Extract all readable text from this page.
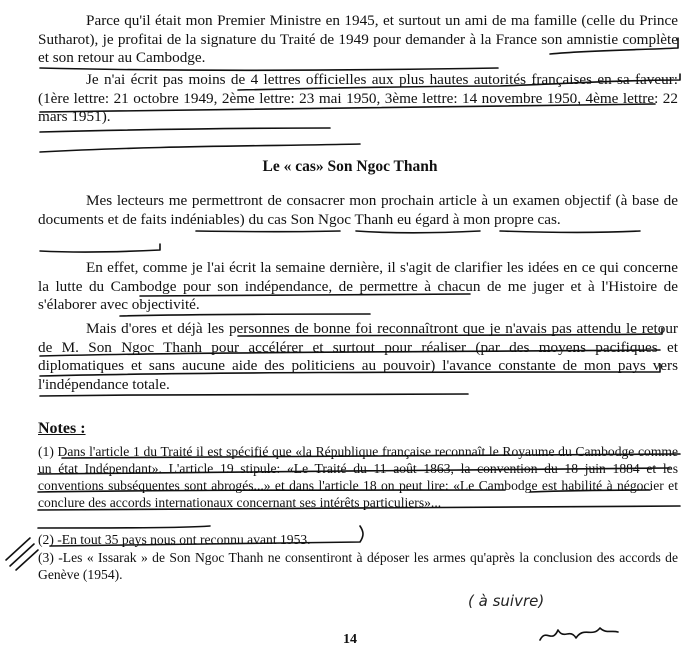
Parce qu'il était mon Premier Ministre en 1945, et surtout un ami de ma famille (celle du Prince Sutharot), je profitai de la signature du Traité de 1949 pour demander à la France son amnistie complète et son retour au Cambodge.

Je n'ai écrit pas moins de 4 lettres officielles aux plus hautes autorités françaises en sa faveur: (1ère lettre: 21 octobre 1949, 2ème lettre: 23 mai 1950, 3ème lettre: 14 novembre 1950, 4ème lettre: 22 mars 1951).

Le « cas» Son Ngoc Thanh

Mes lecteurs me permettront de consacrer mon prochain article à un examen objectif (à base de documents et de faits indéniables) du cas Son Ngoc Thanh eu égard à mon propre cas.

En effet, comme je l'ai écrit la semaine dernière, il s'agit de clarifier les idées en ce qui concerne la lutte du Cambodge pour son indépendance, de permettre à chacun de me juger et à l'Histoire de s'élaborer avec objectivité.

Mais d'ores et déjà les personnes de bonne foi reconnaîtront que je n'avais pas attendu le retour de M. Son Ngoc Thanh pour accélérer et surtout pour réaliser (par des moyens pacifiques et diplomatiques et sans aucune aide des politiciens au pouvoir) l'avance constante de mon pays vers l'indépendance totale.

Notes :

(1) Dans l'article 1 du Traité il est spécifié que «la République française reconnaît le Royaume du Cambodge comme un état Indépendant». L'article 19 stipule: «Le Traité du 11 août 1863, la convention du 18 juin 1884 et les conventions subséquentes sont abrogés...» et dans l'article 18 on peut lire: «Le Cambodge est habilité à négocier et conclure des accords internationaux concernant ses intérêts particuliers»...

(2) -En tout 35 pays nous ont reconnu avant 1953.

(3) -Les « Issarak » de Son Ngoc Thanh ne consentiront à déposer les armes qu'après la conclusion des accords de Genève (1954).

( à suivre)
14
